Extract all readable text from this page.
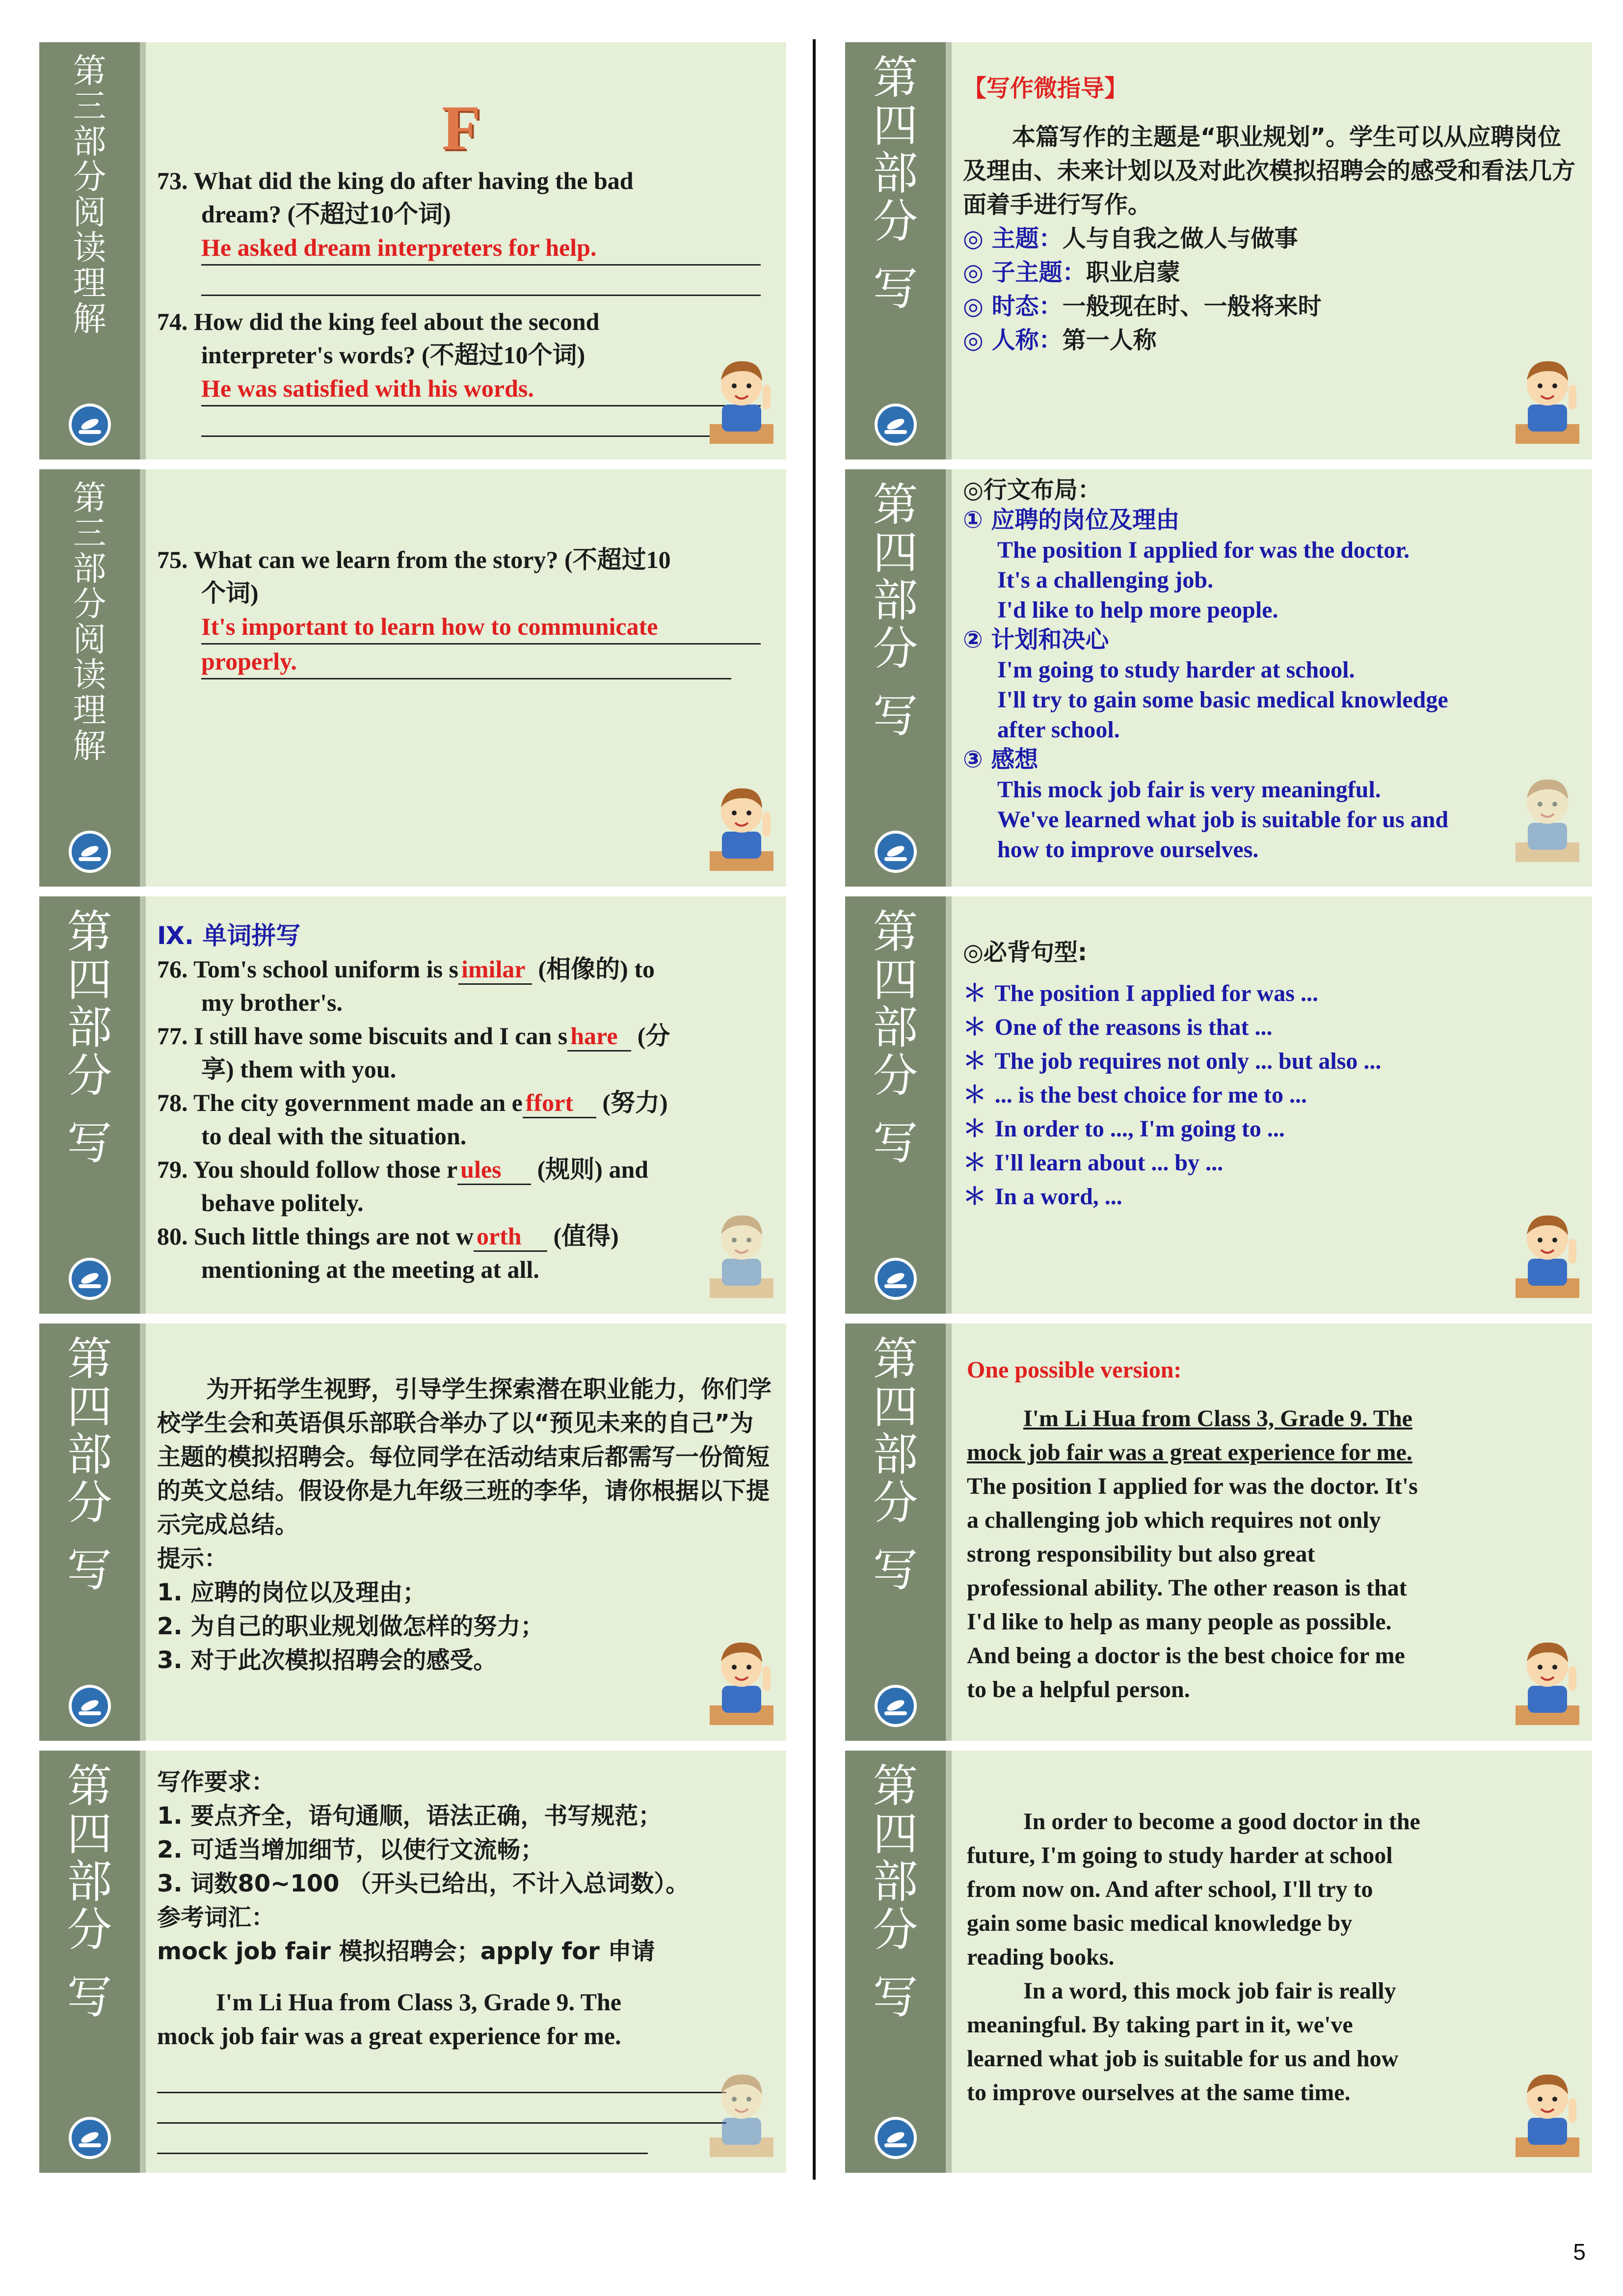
第
三
部
分
阅
读
理
解
F
73. What did the king do after having the bad
dream? (不超过10个词)
He asked dream interpreters for help.
74. How did the king feel about the second
interpreter's words? (不超过10个词)
He was satisfied with his words.
第
三
部
分
阅
读
理
解
75. What can we learn from the story? (不超过10
个词)
It's important to learn how to communicate
properly.
第
四
部
分
写
Ⅸ. 单词拼写
76. Tom's school uniform is s imilar (相像的) to
my brother's.
77. I still have some biscuits and I can s hare (分
享) them with you.
78. The city government made an e ffort (努力)
to deal with the situation.
79. You should follow those r ules (规则) and
behave politely.
80. Such little things are not w orth (值得)
mentioning at the meeting at all.
第
四
部
分
写
为开拓学生视野，引导学生探索潜在职业能力，你们学校学生会和英语俱乐部联合举办了以“预见未来的自己”为主题的模拟招聘会。每位同学在活动结束后都需写一份简短的英文总结。假设你是九年级三班的李华，请你根据以下提示完成总结。
提示：
1. 应聘的岗位以及理由；
2. 为自己的职业规划做怎样的努力；
3. 对于此次模拟招聘会的感受。
第
四
部
分
写
写作要求：
1. 要点齐全，语句通顺，语法正确，书写规范；
2. 可适当增加细节，以使行文流畅；
3. 词数80~100 （开头已给出，不计入总词数）。
参考词汇：
mock job fair 模拟招聘会；apply for 申请
I'm Li Hua from Class 3, Grade 9. The
mock job fair was a great experience for me.
第
四
部
分
写
【写作微指导】
本篇写作的主题是“职业规划”。学生可以从应聘岗位及理由、未来计划以及对此次模拟招聘会的感受和看法几方面着手进行写作。
◎ 主题：人与自我之做人与做事
◎ 子主题：职业启蒙
◎ 时态：一般现在时、一般将来时
◎ 人称：第一人称
第
四
部
分
写
◎行文布局：
① 应聘的岗位及理由
The position I applied for was the doctor.
It's a challenging job.
I'd like to help more people.
② 计划和决心
I'm going to study harder at school.
I'll try to gain some basic medical knowledge
after school.
③ 感想
This mock job fair is very meaningful.
We've learned what job is suitable for us and
how to improve ourselves.
第
四
部
分
写
◎必背句型:
＊ The position I applied for was ...
＊ One of the reasons is that ...
＊ The job requires not only ... but also ...
＊ ... is the best choice for me to ...
＊ In order to ..., I'm going to ...
＊ I'll learn about ... by ...
＊ In a word, ...
第
四
部
分
写
One possible version:
I'm Li Hua from Class 3, Grade 9. The
mock job fair was a great experience for me.
The position I applied for was the doctor. It's
a challenging job which requires not only
strong responsibility but also great
professional ability. The other reason is that
I'd like to help as many people as possible.
And being a doctor is the best choice for me
to be a helpful person.
第
四
部
分
写
In order to become a good doctor in the
future, I'm going to study harder at school
from now on. And after school, I'll try to
gain some basic medical knowledge by
reading books.
In a word, this mock job fair is really
meaningful. By taking part in it, we've
learned what job is suitable for us and how
to improve ourselves at the same time.
5
